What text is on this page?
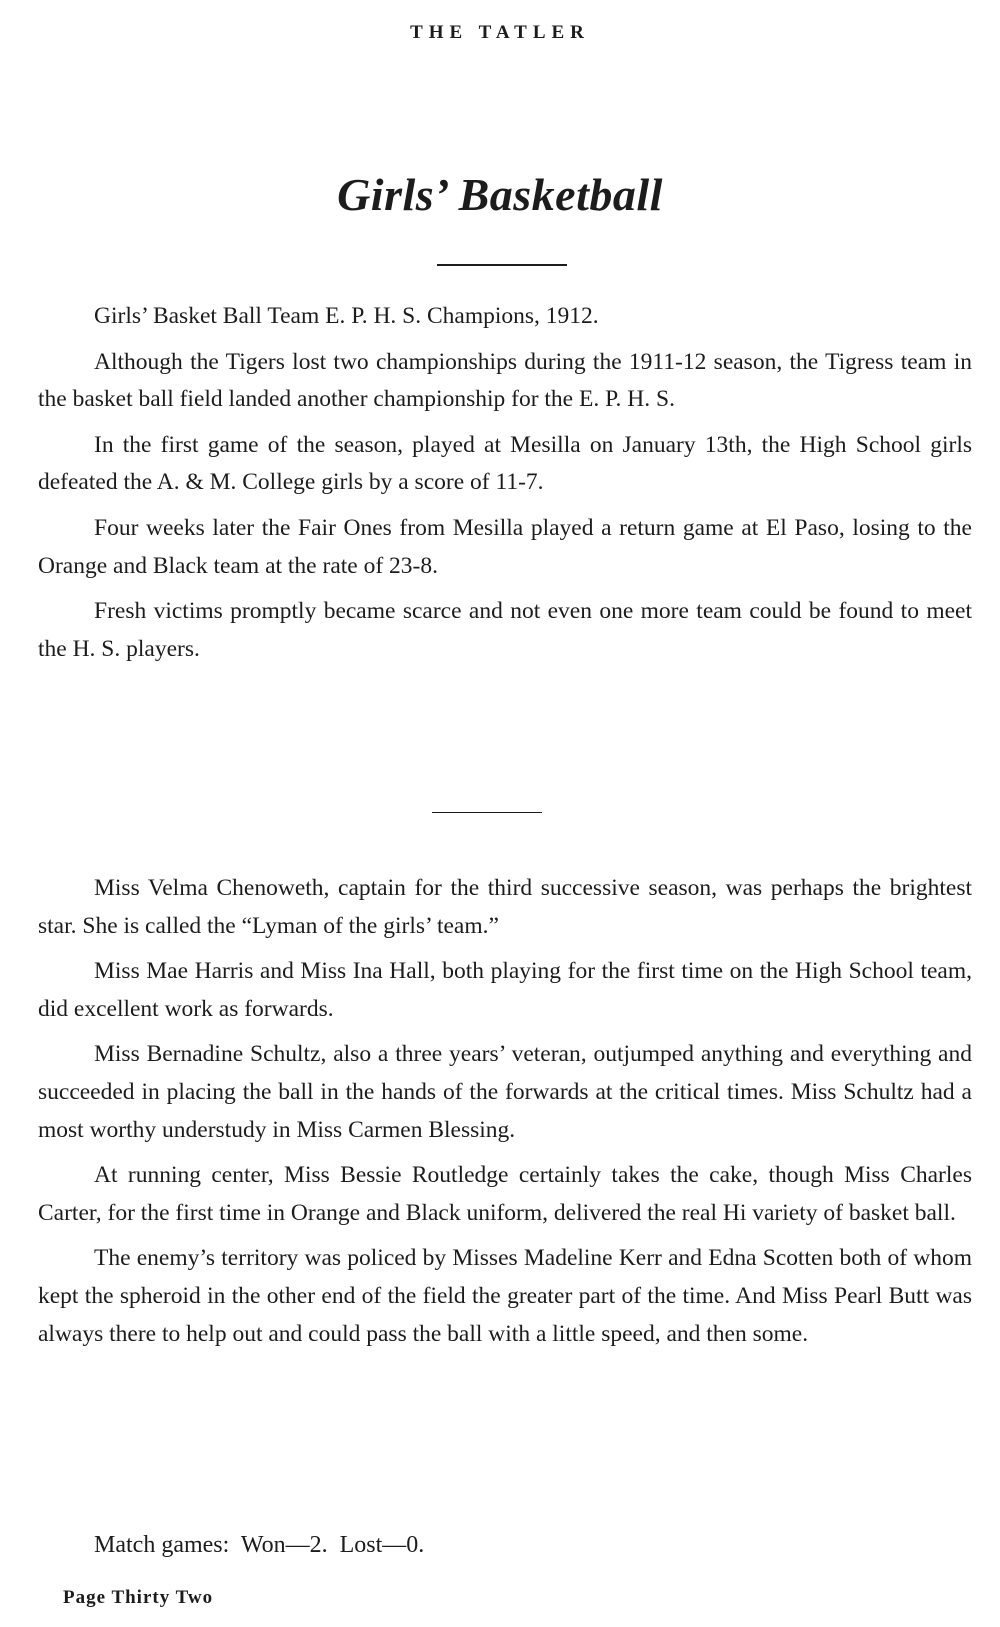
THE TATLER
Girls’ Basketball

Girls’ Basket Ball Team E. P. H. S. Champions, 1912.

Although the Tigers lost two championships during the 1911-12 season, the Tigress team in the basket ball field landed another championship for the E. P. H. S.

In the first game of the season, played at Mesilla on January 13th, the High School girls defeated the A. & M. College girls by a score of 11-7.

Four weeks later the Fair Ones from Mesilla played a return game at El Paso, losing to the Orange and Black team at the rate of 23-8.

Fresh victims promptly became scarce and not even one more team could be found to meet the H. S. players.

Miss Velma Chenoweth, captain for the third successive season, was perhaps the brightest star. She is called the “Lyman of the girls’ team.”

Miss Mae Harris and Miss Ina Hall, both playing for the first time on the High School team, did excellent work as forwards.

Miss Bernadine Schultz, also a three years’ veteran, outjumped anything and everything and succeeded in placing the ball in the hands of the forwards at the critical times. Miss Schultz had a most worthy understudy in Miss Carmen Blessing.

At running center, Miss Bessie Routledge certainly takes the cake, though Miss Charles Carter, for the first time in Orange and Black uniform, delivered the real Hi variety of basket ball.

The enemy’s territory was policed by Misses Madeline Kerr and Edna Scotten both of whom kept the spheroid in the other end of the field the greater part of the time. And Miss Pearl Butt was always there to help out and could pass the ball with a little speed, and then some.

Match games:  Won—2.  Lost—0.
Page Thirty Two
